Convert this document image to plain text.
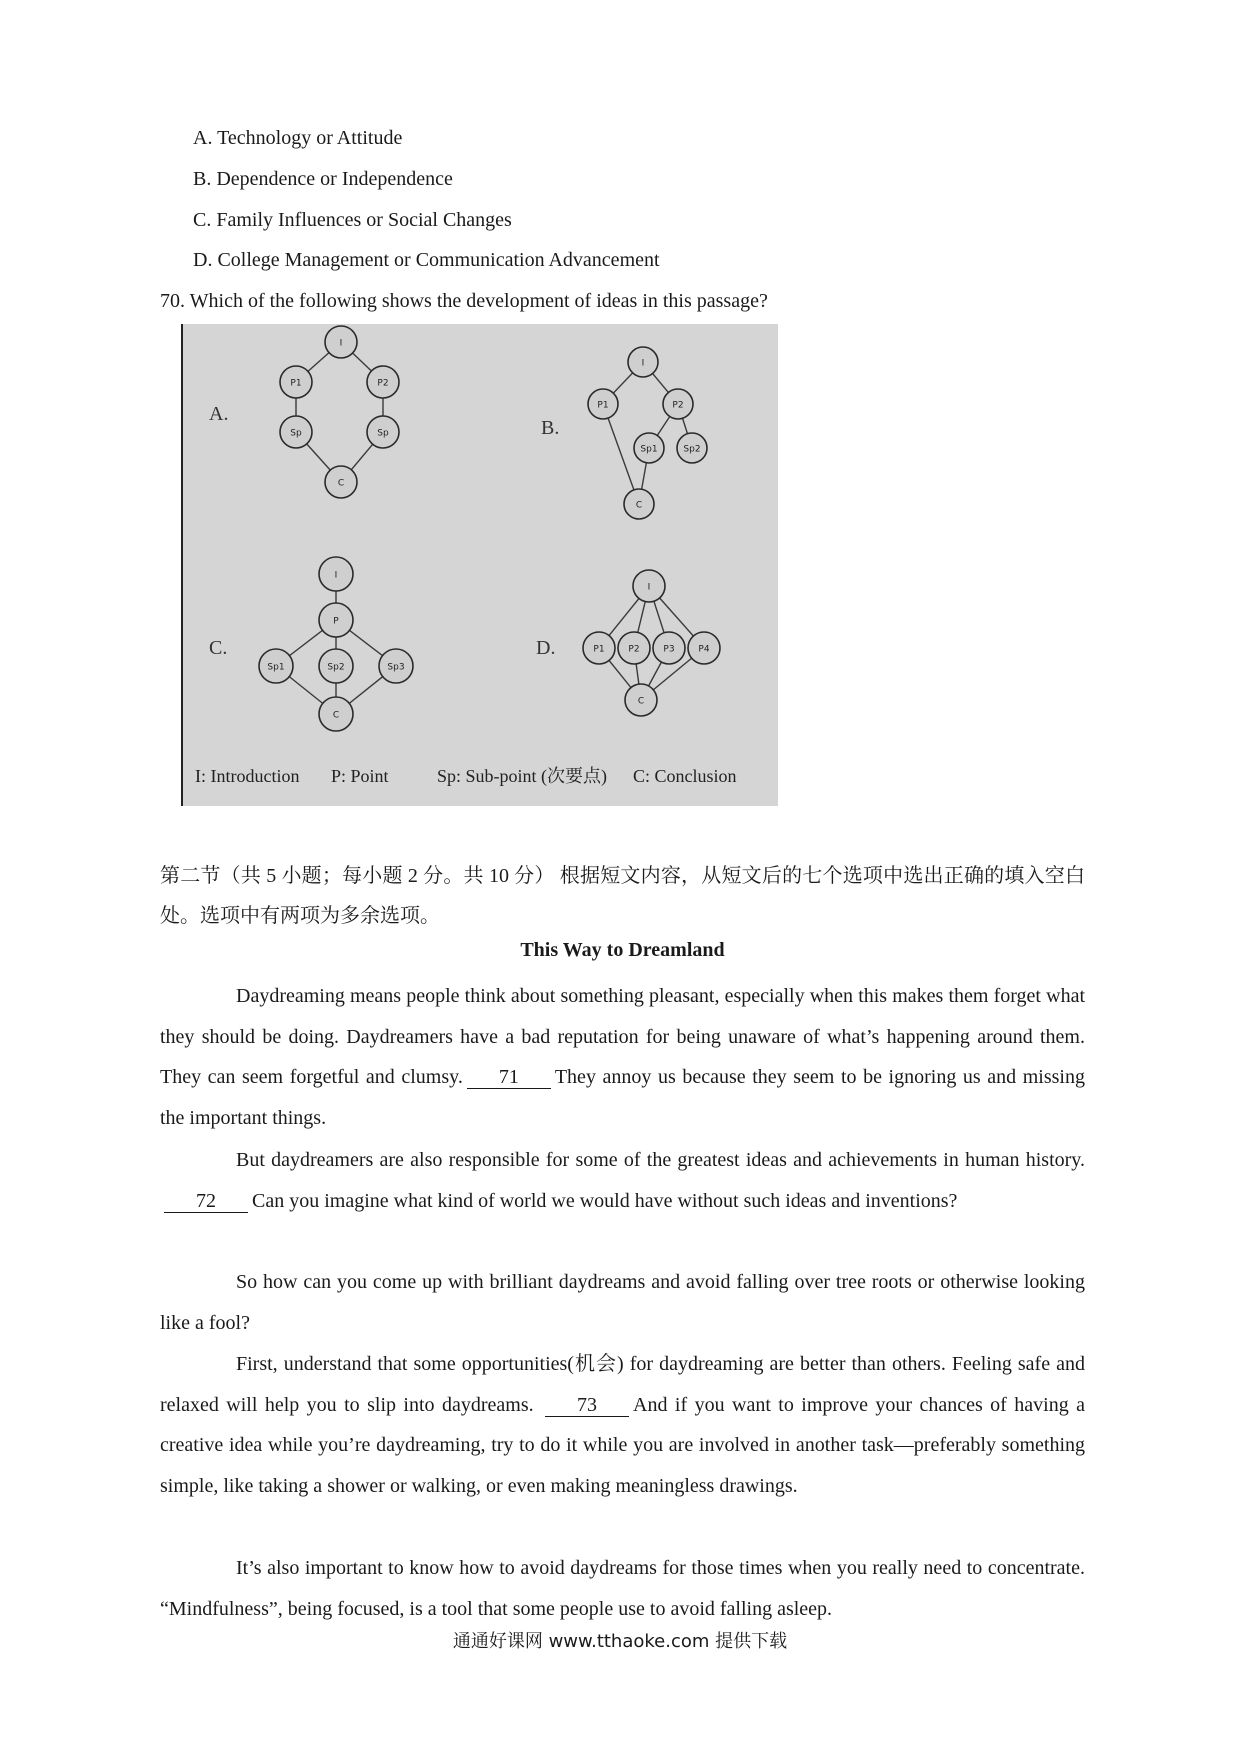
A. Technology or Attitude
B. Dependence or Independence
C. Family Influences or Social Changes
D. College Management or Communication Advancement
70. Which of the following shows the development of ideas in this passage?
I
P1	P2
Sp	Sp
C
A.
I
P1	P2
Sp1	Sp2
C
B.
I
P
Sp1	Sp2	Sp3
C
C.
I
P1	P2	P3	P4
C
D.
I: Introduction P: Point	Sp: Sub-point (次要点) C: Conclusion
第二节（共 5 小题；每小题 2 分。共 10 分） 根据短文内容，从短文后的七个选项中选出正确的填入空白处。选项中有两项为多余选项。
This Way to Dreamland
Daydreaming means people think about something pleasant, especially when this makes them forget what they should be doing. Daydreamers have a bad reputation for being unaware of what’s happening around them. They can seem forgetful and clumsy. 71 They annoy us because they seem to be ignoring us and missing the important things.
But daydreamers are also responsible for some of the greatest ideas and achievements in human history. 72 Can you imagine what kind of world we would have without such ideas and inventions?
So how can you come up with brilliant daydreams and avoid falling over tree roots or otherwise looking like a fool?
First, understand that some opportunities(机会) for daydreaming are better than others. Feeling safe and relaxed will help you to slip into daydreams. 73 And if you want to improve your chances of having a creative idea while you’re daydreaming, try to do it while you are involved in another task—preferably something simple, like taking a shower or walking, or even making meaningless drawings.
It’s also important to know how to avoid daydreams for those times when you really need to concentrate. “Mindfulness”, being focused, is a tool that some people use to avoid falling asleep.
通通好课网 www.tthaoke.com 提供下载
